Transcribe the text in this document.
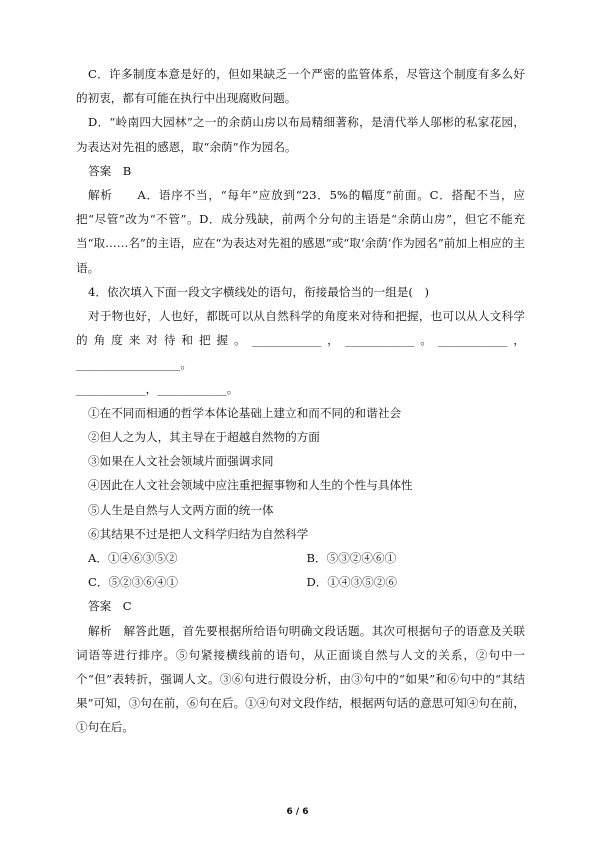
C．许多制度本意是好的，但如果缺乏一个严密的监管体系，尽管这个制度有多么好的初衷，都有可能在执行中出现腐败问题。

D．“岭南四大园林”之一的余荫山房以布局精细著称，是清代举人邬彬的私家花园，为表达对先祖的感恩，取“余荫”作为园名。

答案　B

解析　　A．语序不当，“每年”应放到“23．5%的幅度”前面。C．搭配不当，应把“尽管”改为“不管”。D．成分残缺，前两个分句的主语是“余荫山房”，但它不能充当“取……名”的主语，应在“为表达对先祖的感恩”或“取‘余荫’作为园名”前加上相应的主语。

4．依次填入下面一段文字横线处的语句，衔接最恰当的一组是(　)

对于物也好，人也好，都既可以从自然科学的角度来对待和把握，也可以从人文科学的角度来对待和把握。____________，____________。____________，__________________。

____________，____________。

①在不同而相通的哲学本体论基础上建立和而不同的和谐社会

②但人之为人，其主导在于超越自然物的方面

③如果在人文社会领域片面强调求同

④因此在人文社会领域中应注重把握事物和人生的个性与具体性

⑤人生是自然与人文两方面的统一体

⑥其结果不过是把人文科学归结为自然科学

A．①④⑥③⑤②	B．⑤③②④⑥①
C．⑤②③⑥④①	D．①④③⑤②⑥

答案　C

解析　解答此题，首先要根据所给语句明确文段话题。其次可根据句子的语意及关联词语等进行排序。⑤句紧接横线前的语句，从正面谈自然与人文的关系，②句中一个“但”表转折，强调人文。③⑥句进行假设分析，由③句中的“如果”和⑥句中的“其结果”可知，③句在前，⑥句在后。①④句对文段作结，根据两句话的意思可知④句在前，①句在后。

6 / 6
